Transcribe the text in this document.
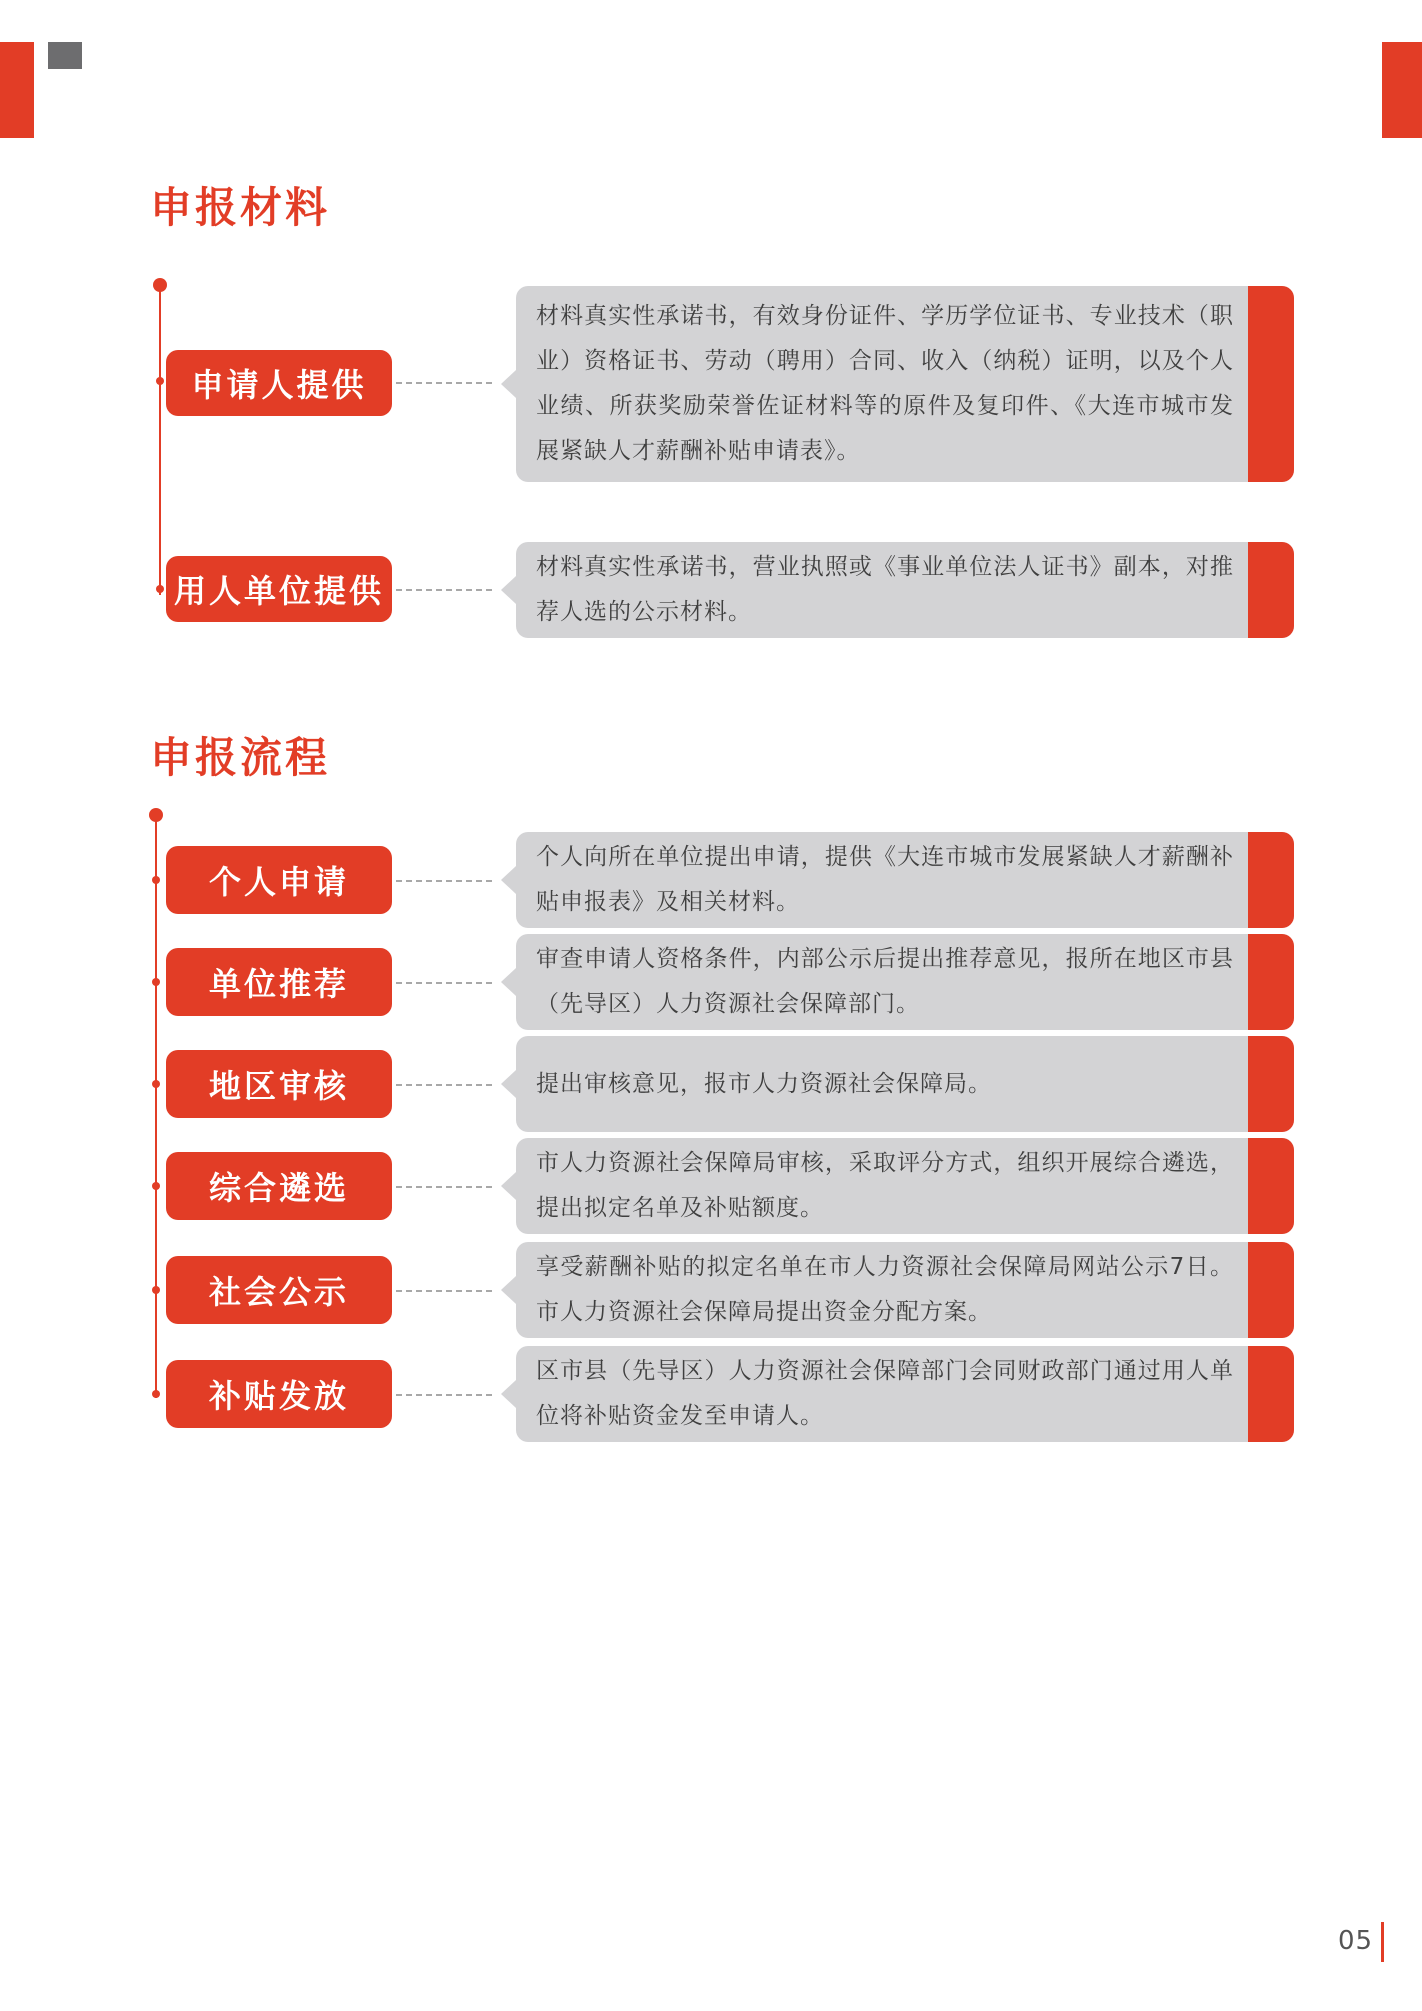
申报材料
申请人提供
材料真实性承诺书，有效身份证件、学历学位证书、专业技术（职业）资格证书、劳动（聘用）合同、收入（纳税）证明，以及个人业绩、所获奖励荣誉佐证材料等的原件及复印件、《大连市城市发展紧缺人才薪酬补贴申请表》。
用人单位提供
材料真实性承诺书，营业执照或《事业单位法人证书》副本，对推荐人选的公示材料。
申报流程
个人申请
个人向所在单位提出申请，提供《大连市城市发展紧缺人才薪酬补贴申报表》及相关材料。
单位推荐
审查申请人资格条件，内部公示后提出推荐意见，报所在地区市县（先导区）人力资源社会保障部门。
地区审核	提出审核意见，报市人力资源社会保障局。
综合遴选
市人力资源社会保障局审核，采取评分方式，组织开展综合遴选，提出拟定名单及补贴额度。
社会公示
享受薪酬补贴的拟定名单在市人力资源社会保障局网站公示7日。市人力资源社会保障局提出资金分配方案。
补贴发放
区市县（先导区）人力资源社会保障部门会同财政部门通过用人单位将补贴资金发至申请人。
05
